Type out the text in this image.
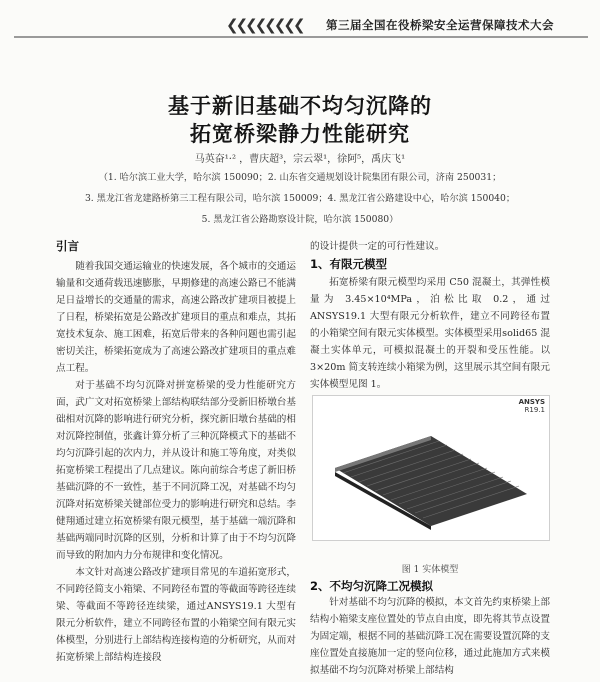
❮❮❮❮❮❮❮❮ 第三届全国在役桥梁安全运营保障技术大会
基于新旧基础不均匀沉降的
拓宽桥梁静力性能研究
马英奋¹·² ，曹庆超³，宗云翠¹，徐阿⁵，禹庆飞¹
（1. 哈尔滨工业大学，哈尔滨 150090；2. 山东省交通规划设计院集团有限公司，济南 250031；
3. 黑龙江省龙建路桥第三工程有限公司，哈尔滨 150009；4. 黑龙江省公路建设中心，哈尔滨 150040；
5. 黑龙江省公路勘察设计院，哈尔滨 150080）
引言

随着我国交通运输业的快速发展，各个城市的交通运输量和交通荷载迅速膨胀，早期修建的高速公路已不能满足日益增长的交通量的需求，高速公路改扩建项目被提上了日程，桥梁拓宽是公路改扩建项目的重点和难点，其拓宽技术复杂、施工困难，拓宽后带来的各种问题也需引起密切关注，桥梁拓宽成为了高速公路改扩建项目的重点难点工程。

对于基础不均匀沉降对拼宽桥梁的受力性能研究方面，武广文对拓宽桥梁上部结构联结部分受新旧桥墩台基础相对沉降的影响进行研究分析，探究新旧墩台基础的相对沉降控制值，张鑫计算分析了三种沉降模式下的基础不均匀沉降引起的次内力，并从设计和施工等角度，对类似拓宽桥梁工程提出了几点建议。陈向前综合考虑了新旧桥基础沉降的不一致性，基于不同沉降工况，对基础不均匀沉降对拓宽桥梁关键部位受力的影响进行研究和总结。李健翔通过建立拓宽桥梁有限元模型，基于基础一端沉降和基础两端同时沉降的区别，分析和计算了由于不均匀沉降而导致的附加内力分布规律和变化情况。

本文针对高速公路改扩建项目常见的车道拓宽形式，不同跨径简支小箱梁、不同跨径布置的等截面等跨径连续梁、等截面不等跨径连续梁，通过ANSYS19.1 大型有限元分析软件，建立不同跨径布置的小箱梁空间有限元实体模型，分别进行上部结构连接构造的分析研究，从而对拓宽桥梁上部结构连接段

的设计提供一定的可行性建议。
1、有限元模型

拓宽桥梁有限元模型均采用 C50 混凝土，其弹性模量为 3.45×10⁴MPa，泊松比取 0.2，通过 ANSYS19.1 大型有限元分析软件，建立不同跨径布置的小箱梁空间有限元实体模型。实体模型采用solid65 混凝土实体单元，可模拟混凝土的开裂和受压性能。以 3×20m 简支转连续小箱梁为例，这里展示其空间有限元实体模型见图 1。

ANSYS
R19.1
图 1 实体模型
2、不均匀沉降工况模拟

针对基础不均匀沉降的模拟，本文首先约束桥梁上部结构小箱梁支座位置处的节点自由度，即先将其节点设置为固定端，根据不同的基础沉降工况在需要设置沉降的支座位置处直接施加一定的竖向位移，通过此施加方式来模拟基础不均匀沉降对桥梁上部结构
